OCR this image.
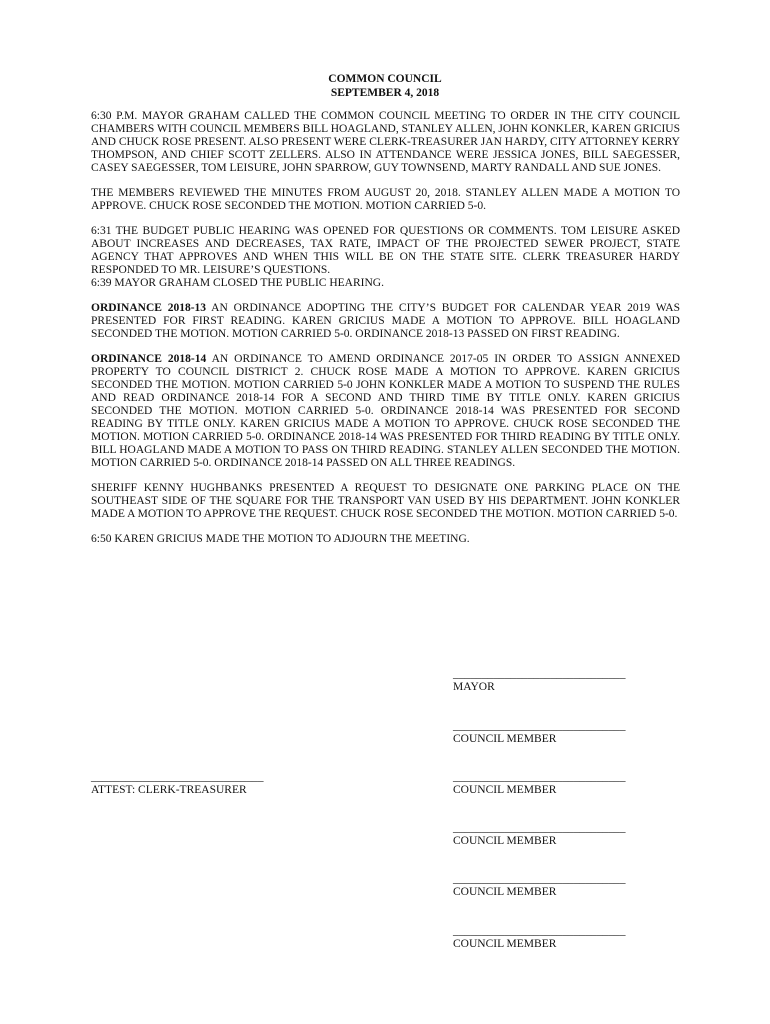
COMMON COUNCIL
SEPTEMBER 4, 2018

6:30 P.M. MAYOR GRAHAM CALLED THE COMMON COUNCIL MEETING TO ORDER IN THE CITY COUNCIL CHAMBERS WITH COUNCIL MEMBERS BILL HOAGLAND, STANLEY ALLEN, JOHN KONKLER, KAREN GRICIUS AND CHUCK ROSE PRESENT. ALSO PRESENT WERE CLERK-TREASURER JAN HARDY, CITY ATTORNEY KERRY THOMPSON, AND CHIEF SCOTT ZELLERS. ALSO IN ATTENDANCE WERE JESSICA JONES, BILL SAEGESSER, CASEY SAEGESSER, TOM LEISURE, JOHN SPARROW, GUY TOWNSEND, MARTY RANDALL AND SUE JONES.

THE MEMBERS REVIEWED THE MINUTES FROM AUGUST 20, 2018. STANLEY ALLEN MADE A MOTION TO APPROVE. CHUCK ROSE SECONDED THE MOTION. MOTION CARRIED 5-0.

6:31 THE BUDGET PUBLIC HEARING WAS OPENED FOR QUESTIONS OR COMMENTS. TOM LEISURE ASKED ABOUT INCREASES AND DECREASES, TAX RATE, IMPACT OF THE PROJECTED SEWER PROJECT, STATE AGENCY THAT APPROVES AND WHEN THIS WILL BE ON THE STATE SITE. CLERK TREASURER HARDY RESPONDED TO MR. LEISURE’S QUESTIONS.

6:39 MAYOR GRAHAM CLOSED THE PUBLIC HEARING.

ORDINANCE 2018-13 AN ORDINANCE ADOPTING THE CITY’S BUDGET FOR CALENDAR YEAR 2019 WAS PRESENTED FOR FIRST READING. KAREN GRICIUS MADE A MOTION TO APPROVE. BILL HOAGLAND SECONDED THE MOTION. MOTION CARRIED 5-0. ORDINANCE 2018-13 PASSED ON FIRST READING.

ORDINANCE 2018-14 AN ORDINANCE TO AMEND ORDINANCE 2017-05 IN ORDER TO ASSIGN ANNEXED PROPERTY TO COUNCIL DISTRICT 2. CHUCK ROSE MADE A MOTION TO APPROVE. KAREN GRICIUS SECONDED THE MOTION. MOTION CARRIED 5-0 JOHN KONKLER MADE A MOTION TO SUSPEND THE RULES AND READ ORDINANCE 2018-14 FOR A SECOND AND THIRD TIME BY TITLE ONLY. KAREN GRICIUS SECONDED THE MOTION. MOTION CARRIED 5-0. ORDINANCE 2018-14 WAS PRESENTED FOR SECOND READING BY TITLE ONLY. KAREN GRICIUS MADE A MOTION TO APPROVE. CHUCK ROSE SECONDED THE MOTION. MOTION CARRIED 5-0. ORDINANCE 2018-14 WAS PRESENTED FOR THIRD READING BY TITLE ONLY. BILL HOAGLAND MADE A MOTION TO PASS ON THIRD READING. STANLEY ALLEN SECONDED THE MOTION. MOTION CARRIED 5-0. ORDINANCE 2018-14 PASSED ON ALL THREE READINGS.

SHERIFF KENNY HUGHBANKS PRESENTED A REQUEST TO DESIGNATE ONE PARKING PLACE ON THE SOUTHEAST SIDE OF THE SQUARE FOR THE TRANSPORT VAN USED BY HIS DEPARTMENT. JOHN KONKLER MADE A MOTION TO APPROVE THE REQUEST. CHUCK ROSE SECONDED THE MOTION. MOTION CARRIED 5-0.

6:50 KAREN GRICIUS MADE THE MOTION TO ADJOURN THE MEETING.

______________________________
MAYOR
______________________________
COUNCIL MEMBER
______________________________
ATTEST: CLERK-TREASURER
______________________________
COUNCIL MEMBER
______________________________
COUNCIL MEMBER
______________________________
COUNCIL MEMBER
______________________________
COUNCIL MEMBER
